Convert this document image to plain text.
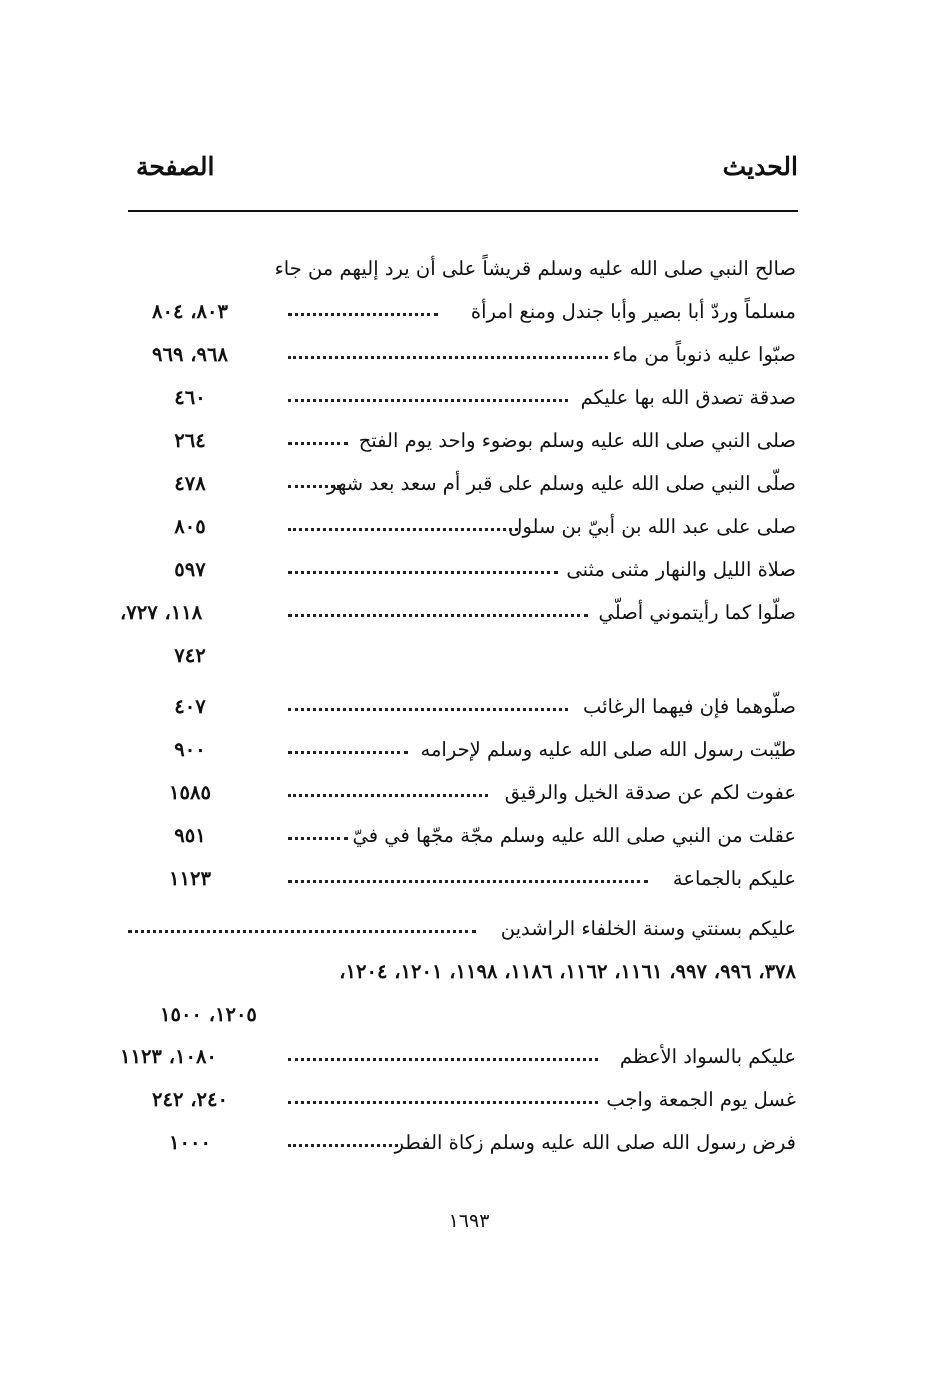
الحديث
الصفحة
صالح النبي صلى الله عليه وسلم قريشاً على أن يرد إليهم من جاء
مسلماً وردّ أبا بصير وأبا جندل ومنع امرأة
٨٠٣، ٨٠٤
صبّوا عليه ذنوباً من ماء
٩٦٨، ٩٦٩
صدقة تصدق الله بها عليكم
٤٦٠
صلى النبي صلى الله عليه وسلم بوضوء واحد يوم الفتح
٢٦٤
صلّى النبي صلى الله عليه وسلم على قبر أم سعد بعد شهر
٤٧٨
صلى على عبد الله بن أبيّ بن سلول
٨٠٥
صلاة الليل والنهار مثنى مثنى
٥٩٧
صلّوا كما رأيتموني أصلّي
١١٨، ٧٢٧،
٧٤٢
صلّوهما فإن فيهما الرغائب
٤٠٧
طيّبت رسول الله صلى الله عليه وسلم لإحرامه
٩٠٠
عفوت لكم عن صدقة الخيل والرقيق
١٥٨٥
عقلت من النبي صلى الله عليه وسلم مجّة مجّها في فيّ
٩٥١
عليكم بالجماعة
١١٢٣
عليكم بسنتي وسنة الخلفاء الراشدين
٣٧٨، ٩٩٦، ٩٩٧، ١١٦١، ١١٦٢، ١١٨٦، ١١٩٨، ١٢٠١، ١٢٠٤،
١٢٠٥، ١٥٠٠
عليكم بالسواد الأعظم
١٠٨٠، ١١٢٣
غسل يوم الجمعة واجب
٢٤٠، ٢٤٢
فرض رسول الله صلى الله عليه وسلم زكاة الفطر
١٠٠٠
١٦٩٣
